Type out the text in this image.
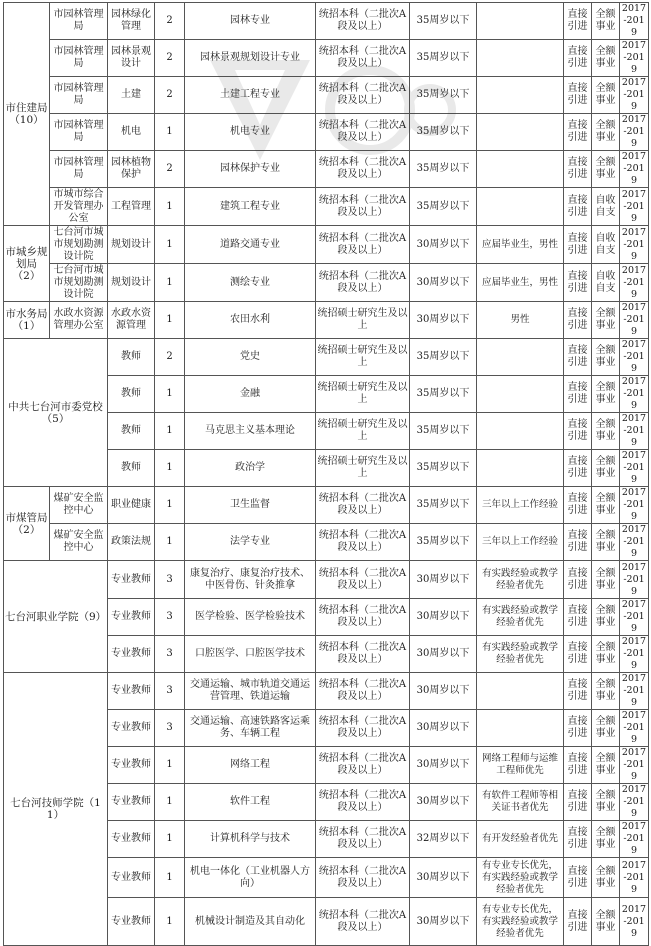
市住建局（10）	市园林管理局	园林绿化管理	2	园林专业	统招本科（二批次A段及以上）	35周岁以下		直接引进	全额事业	2017-2019
	市园林管理局	园林景观设计	2	园林景观规划设计专业	统招本科（二批次A段及以上）	35周岁以下		直接引进	全额事业	2017-2019
	市园林管理局	土建	2	土建工程专业	统招本科（二批次A段及以上）	35周岁以下		直接引进	全额事业	2017-2019
	市园林管理局	机电	1	机电专业	统招本科（二批次A段及以上）	35周岁以下		直接引进	全额事业	2017-2019
	市园林管理局	园林植物保护	2	园林保护专业	统招本科（二批次A段及以上）	35周岁以下		直接引进	全额事业	2017-2019
	市城市综合开发管理办公室	工程管理	1	建筑工程专业	统招本科（二批次A段及以上）	35周岁以下		直接引进	自收自支	2017-2019
市城乡规划局（2）	七台河市城市规划勘测设计院	规划设计	1	道路交通专业	统招本科（二批次A段及以上）	30周岁以下	应届毕业生，男性	直接引进	自收自支	2017-2019
	七台河市城市规划勘测设计院	规划设计	1	测绘专业	统招本科（二批次A段及以上）	30周岁以下	应届毕业生，男性	直接引进	自收自支	2017-2019
市水务局（1）	水政水资源管理办公室	水政水资源管理	1	农田水利	统招硕士研究生及以上	30周岁以下	男性	直接引进	全额事业	2017-2019
中共七台河市委党校（5）		教师	2	党史	统招硕士研究生及以上	35周岁以下		直接引进	全额事业	2017-2019
		教师	1	金融	统招硕士研究生及以上	35周岁以下		直接引进	全额事业	2017-2019
		教师	1	马克思主义基本理论	统招硕士研究生及以上	35周岁以下		直接引进	全额事业	2017-2019
		教师	1	政治学	统招硕士研究生及以上	35周岁以下		直接引进	全额事业	2017-2019
市煤管局（2）	煤矿安全监控中心	职业健康	1	卫生监督	统招本科（二批次A段及以上）	35周岁以下	三年以上工作经验	直接引进	全额事业	2017-2019
	煤矿安全监控中心	政策法规	1	法学专业	统招本科（二批次A段及以上）	35周岁以下	三年以上工作经验	直接引进	全额事业	2017-2019
七台河职业学院（9）		专业教师	3	康复治疗、康复治疗技术、中医骨伤、针灸推拿	统招本科（二批次A段及以上）	30周岁以下	有实践经验或教学经验者优先	直接引进	全额事业	2017-2019
		专业教师	3	医学检验、医学检验技术	统招本科（二批次A段及以上）	30周岁以下	有实践经验或教学经验者优先	直接引进	全额事业	2017-2019
		专业教师	3	口腔医学、口腔医学技术	统招本科（二批次A段及以上）	30周岁以下	有实践经验或教学经验者优先	直接引进	全额事业	2017-2019
七台河技师学院（11）		专业教师	3	交通运输、城市轨道交通运营管理、铁道运输	统招本科（二批次A段及以上）	30周岁以下		直接引进	全额事业	2017-2019
		专业教师	3	交通运输、高速铁路客运乘务、车辆工程	统招本科（二批次A段及以上）	30周岁以下		直接引进	全额事业	2017-2019
		专业教师	1	网络工程	统招本科（二批次A段及以上）	30周岁以下	网络工程师与运维工程师优先	直接引进	全额事业	2017-2019
		专业教师	1	软件工程	统招本科（二批次A段及以上）	30周岁以下	有软件工程师等相关证书者优先	直接引进	全额事业	2017-2019
		专业教师	1	计算机科学与技术	统招本科（二批次A段及以上）	32周岁以下	有开发经验者优先	直接引进	全额事业	2017-2019
		专业教师	1	机电一体化（工业机器人方向）	统招本科（二批次A段及以上）	30周岁以下	有专业专长优先，有实践经验或教学经验者优先	直接引进	全额事业	2017-2019
		专业教师	1	机械设计制造及其自动化	统招本科（二批次A段及以上）	30周岁以下	有专业专长优先，有实践经验或教学经验者优先	直接引进	全额事业	2017-2019
